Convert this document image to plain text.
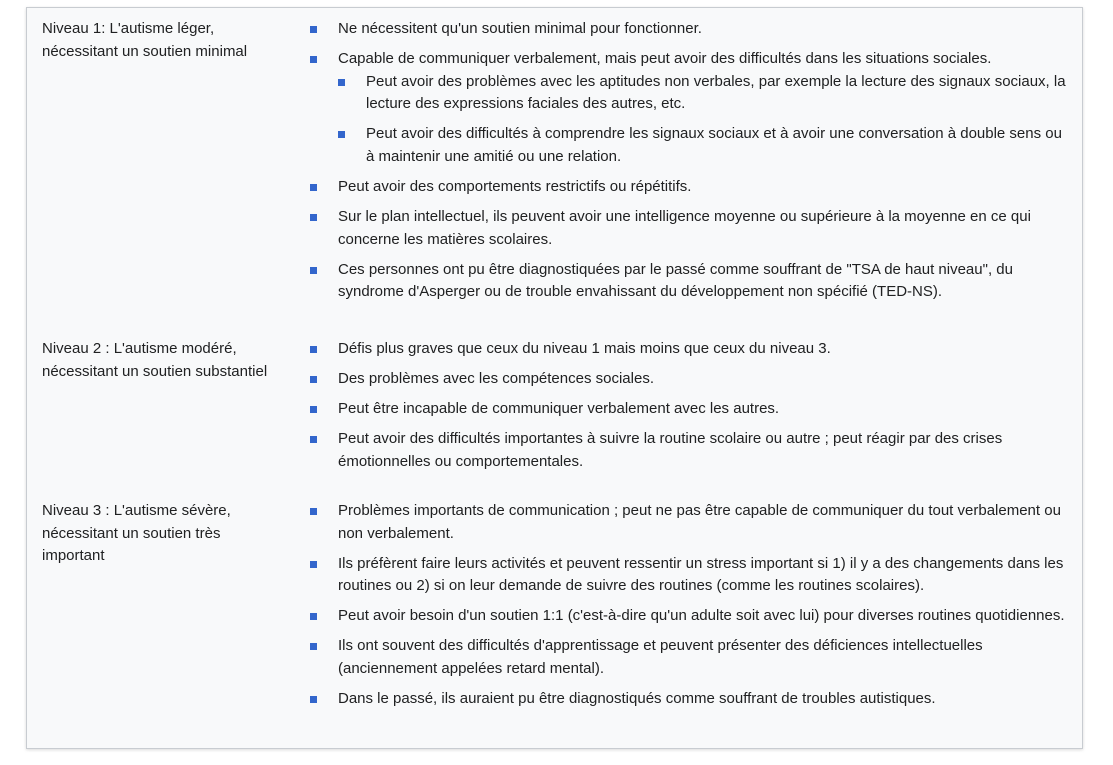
Niveau 1: L'autisme léger, nécessitant un soutien minimal
Ne nécessitent qu'un soutien minimal pour fonctionner.
Capable de communiquer verbalement, mais peut avoir des difficultés dans les situations sociales.
Peut avoir des problèmes avec les aptitudes non verbales, par exemple la lecture des signaux sociaux, la lecture des expressions faciales des autres, etc.
Peut avoir des difficultés à comprendre les signaux sociaux et à avoir une conversation à double sens ou à maintenir une amitié ou une relation.
Peut avoir des comportements restrictifs ou répétitifs.
Sur le plan intellectuel, ils peuvent avoir une intelligence moyenne ou supérieure à la moyenne en ce qui concerne les matières scolaires.
Ces personnes ont pu être diagnostiquées par le passé comme souffrant de "TSA de haut niveau", du syndrome d'Asperger ou de trouble envahissant du développement non spécifié (TED-NS).
Niveau 2 : L'autisme modéré, nécessitant un soutien substantiel
Défis plus graves que ceux du niveau 1 mais moins que ceux du niveau 3.
Des problèmes avec les compétences sociales.
Peut être incapable de communiquer verbalement avec les autres.
Peut avoir des difficultés importantes à suivre la routine scolaire ou autre ; peut réagir par des crises émotionnelles ou comportementales.
Niveau 3 : L'autisme sévère, nécessitant un soutien très important
Problèmes importants de communication ; peut ne pas être capable de communiquer du tout verbalement ou non verbalement.
Ils préfèrent faire leurs activités et peuvent ressentir un stress important si 1) il y a des changements dans les routines ou 2) si on leur demande de suivre des routines (comme les routines scolaires).
Peut avoir besoin d'un soutien 1:1 (c'est-à-dire qu'un adulte soit avec lui) pour diverses routines quotidiennes.
Ils ont souvent des difficultés d'apprentissage et peuvent présenter des déficiences intellectuelles (anciennement appelées retard mental).
Dans le passé, ils auraient pu être diagnostiqués comme souffrant de troubles autistiques.
